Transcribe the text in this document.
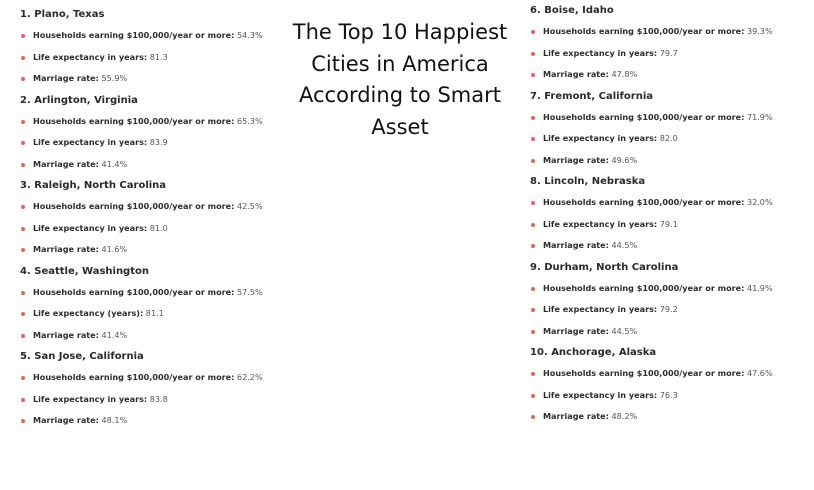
1. Plano, Texas
Households earning $100,000/year or more: 54.3%
Life expectancy in years: 81.3
Marriage rate: 55.9%
2. Arlington, Virginia
Households earning $100,000/year or more: 65.3%
Life expectancy in years: 83.9
Marriage rate: 41.4%
3. Raleigh, North Carolina
Households earning $100,000/year or more: 42.5%
Life expectancy in years: 81.0
Marriage rate: 41.6%
4. Seattle, Washington
Households earning $100,000/year or more: 57.5%
Life expectancy (years): 81.1
Marriage rate: 41.4%
5. San Jose, California
Households earning $100,000/year or more: 62.2%
Life expectancy in years: 83.8
Marriage rate: 48.1%
The Top 10 Happiest Cities in America According to Smart Asset
6. Boise, Idaho
Households earning $100,000/year or more: 39.3%
Life expectancy in years: 79.7
Marriage rate: 47.8%
7. Fremont, California
Households earning $100,000/year or more: 71.9%
Life expectancy in years: 82.0
Marriage rate: 49.6%
8. Lincoln, Nebraska
Households earning $100,000/year or more: 32.0%
Life expectancy in years: 79.1
Marriage rate: 44.5%
9. Durham, North Carolina
Households earning $100,000/year or more: 41.9%
Life expectancy in years: 79.2
Marriage rate: 44.5%
10. Anchorage, Alaska
Households earning $100,000/year or more: 47.6%
Life expectancy in years: 76.3
Marriage rate: 48.2%
